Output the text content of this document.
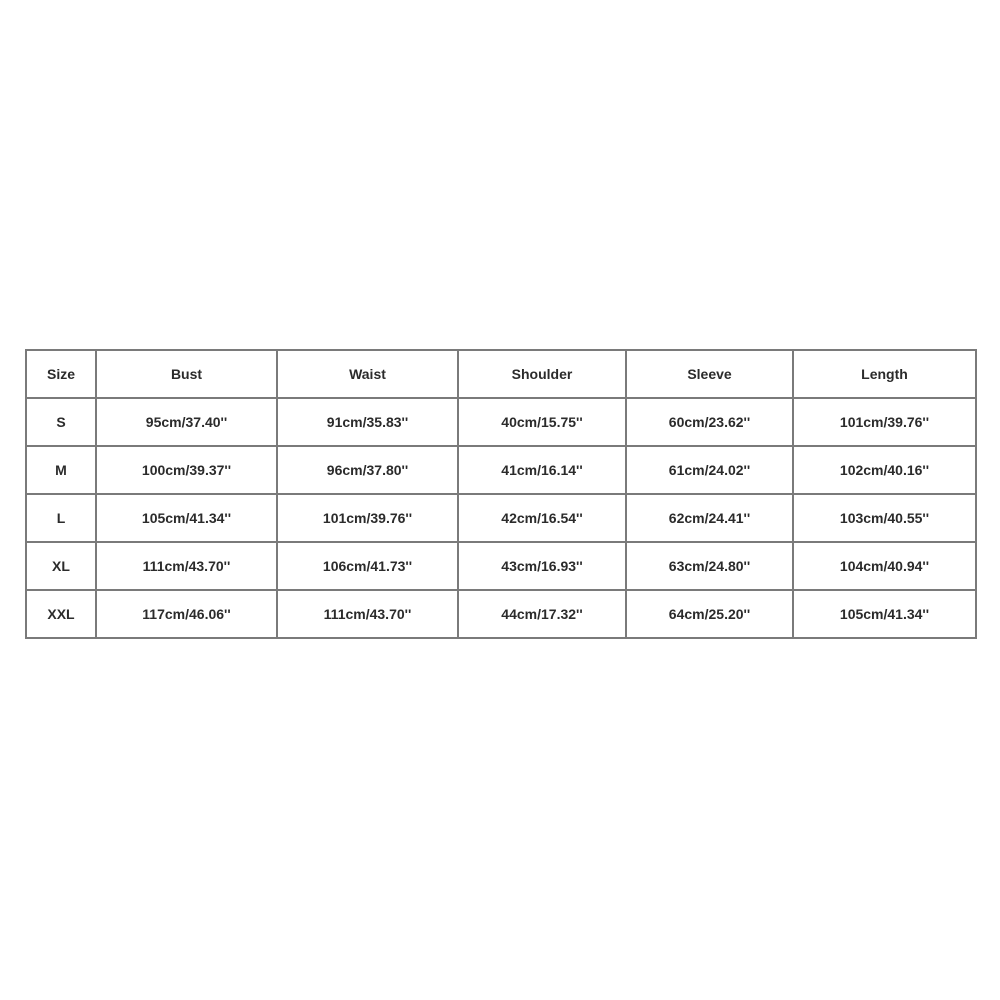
Size	Bust	Waist	Shoulder	Sleeve	Length
S	95cm/37.40''	91cm/35.83''	40cm/15.75''	60cm/23.62''	101cm/39.76''
M	100cm/39.37''	96cm/37.80''	41cm/16.14''	61cm/24.02''	102cm/40.16''
L	105cm/41.34''	101cm/39.76''	42cm/16.54''	62cm/24.41''	103cm/40.55''
XL	111cm/43.70''	106cm/41.73''	43cm/16.93''	63cm/24.80''	104cm/40.94''
XXL	117cm/46.06''	111cm/43.70''	44cm/17.32''	64cm/25.20''	105cm/41.34''
